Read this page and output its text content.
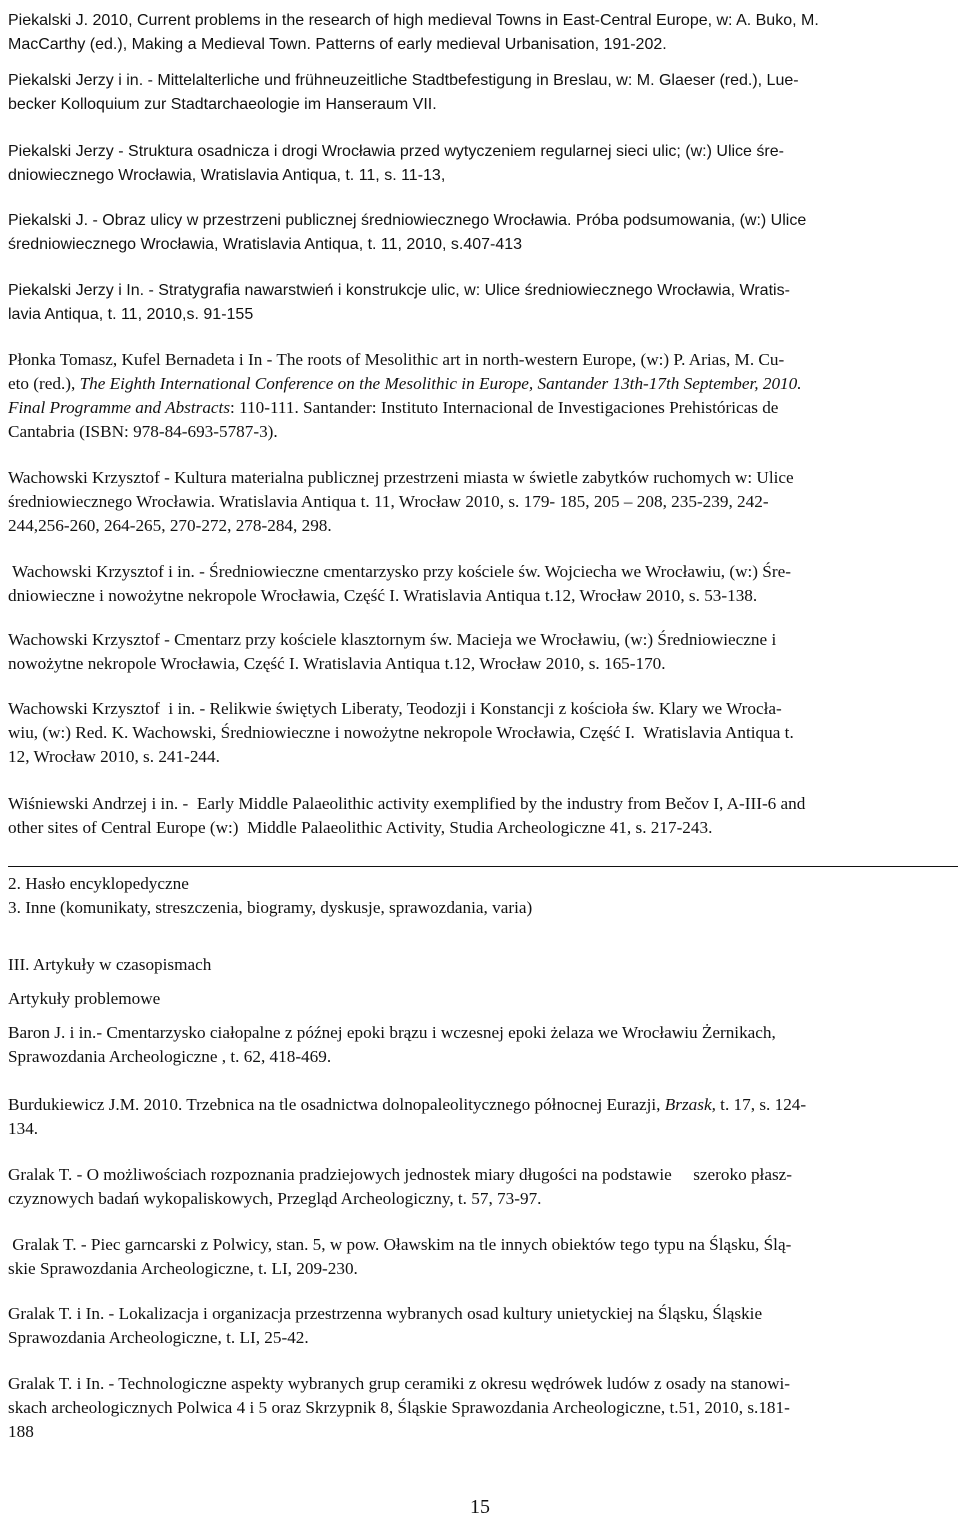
Piekalski J. 2010, Current problems in the research of high medieval Towns in East-Central Europe, w: A. Buko, M.
MacCarthy (ed.), Making a Medieval Town. Patterns of early medieval Urbanisation, 191-202.
Piekalski Jerzy i in. - Mittelalterliche und frühneuzeitliche Stadtbefestigung in Breslau, w: M. Glaeser (red.), Lue-
becker Kolloquium zur Stadtarchaeologie im Hanseraum VII.
Piekalski Jerzy - Struktura osadnicza i drogi Wrocławia przed wytyczeniem regularnej sieci ulic; (w:) Ulice śre-
dniowiecznego Wrocławia, Wratislavia Antiqua, t. 11, s. 11-13,
Piekalski J. - Obraz ulicy w przestrzeni publicznej średniowiecznego Wrocławia. Próba podsumowania, (w:) Ulice
średniowiecznego Wrocławia, Wratislavia Antiqua, t. 11, 2010, s.407-413
Piekalski Jerzy i In. - Stratygrafia nawarstwień i konstrukcje ulic, w: Ulice średniowiecznego Wrocławia, Wratis-
lavia Antiqua, t. 11, 2010,s. 91-155
Płonka Tomasz, Kufel Bernadeta i In - The roots of Mesolithic art in north-western Europe, (w:) P. Arias, M. Cu-
eto (red.), The Eighth International Conference on the Mesolithic in Europe, Santander 13th-17th September, 2010.
Final Programme and Abstracts: 110-111. Santander: Instituto Internacional de Investigaciones Prehistóricas de
Cantabria (ISBN: 978-84-693-5787-3).
Wachowski Krzysztof - Kultura materialna publicznej przestrzeni miasta w świetle zabytków ruchomych w: Ulice
średniowiecznego Wrocławia. Wratislavia Antiqua t. 11, Wrocław 2010, s. 179- 185, 205 – 208, 235-239, 242-
244,256-260, 264-265, 270-272, 278-284, 298.
Wachowski Krzysztof i in. - Średniowieczne cmentarzysko przy kościele św. Wojciecha we Wrocławiu, (w:) Śre-
dniowieczne i nowożytne nekropole Wrocławia, Część I. Wratislavia Antiqua t.12, Wrocław 2010, s. 53-138.
Wachowski Krzysztof - Cmentarz przy kościele klasztornym św. Macieja we Wrocławiu, (w:) Średniowieczne i
nowożytne nekropole Wrocławia, Część I. Wratislavia Antiqua t.12, Wrocław 2010, s. 165-170.
Wachowski Krzysztof  i in. - Relikwie świętych Liberaty, Teodozji i Konstancji z kościoła św. Klary we Wrocła-
wiu, (w:) Red. K. Wachowski, Średniowieczne i nowożytne nekropole Wrocławia, Część I.  Wratislavia Antiqua t.
12, Wrocław 2010, s. 241-244.
Wiśniewski Andrzej i in. -  Early Middle Palaeolithic activity exemplified by the industry from Bečov I, A-III-6 and
other sites of Central Europe (w:)  Middle Palaeolithic Activity, Studia Archeologiczne 41, s. 217-243.
2. Hasło encyklopedyczne
3. Inne (komunikaty, streszczenia, biogramy, dyskusje, sprawozdania, varia)
III. Artykuły w czasopismach
Artykuły problemowe
Baron J. i in.- Cmentarzysko ciałopalne z późnej epoki brązu i wczesnej epoki żelaza we Wrocławiu Żernikach,
Sprawozdania Archeologiczne , t. 62, 418-469.
Burdukiewicz J.M. 2010. Trzebnica na tle osadnictwa dolnopaleolitycznego północnej Eurazji, Brzask, t. 17, s. 124-
134.
Gralak T. - O możliwościach rozpoznania pradziejowych jednostek miary długości na podstawie     szeroko płasz-
czyznowych badań wykopaliskowych, Przegląd Archeologiczny, t. 57, 73-97.
Gralak T. - Piec garncarski z Polwicy, stan. 5, w pow. Oławskim na tle innych obiektów tego typu na Śląsku, Ślą-
skie Sprawozdania Archeologiczne, t. LI, 209-230.
Gralak T. i In. - Lokalizacja i organizacja przestrzenna wybranych osad kultury unietyckiej na Śląsku, Śląskie
Sprawozdania Archeologiczne, t. LI, 25-42.
Gralak T. i In. - Technologiczne aspekty wybranych grup ceramiki z okresu wędrówek ludów z osady na stanowi-
skach archeologicznych Polwica 4 i 5 oraz Skrzypnik 8, Śląskie Sprawozdania Archeologiczne, t.51, 2010, s.181-
188
15
